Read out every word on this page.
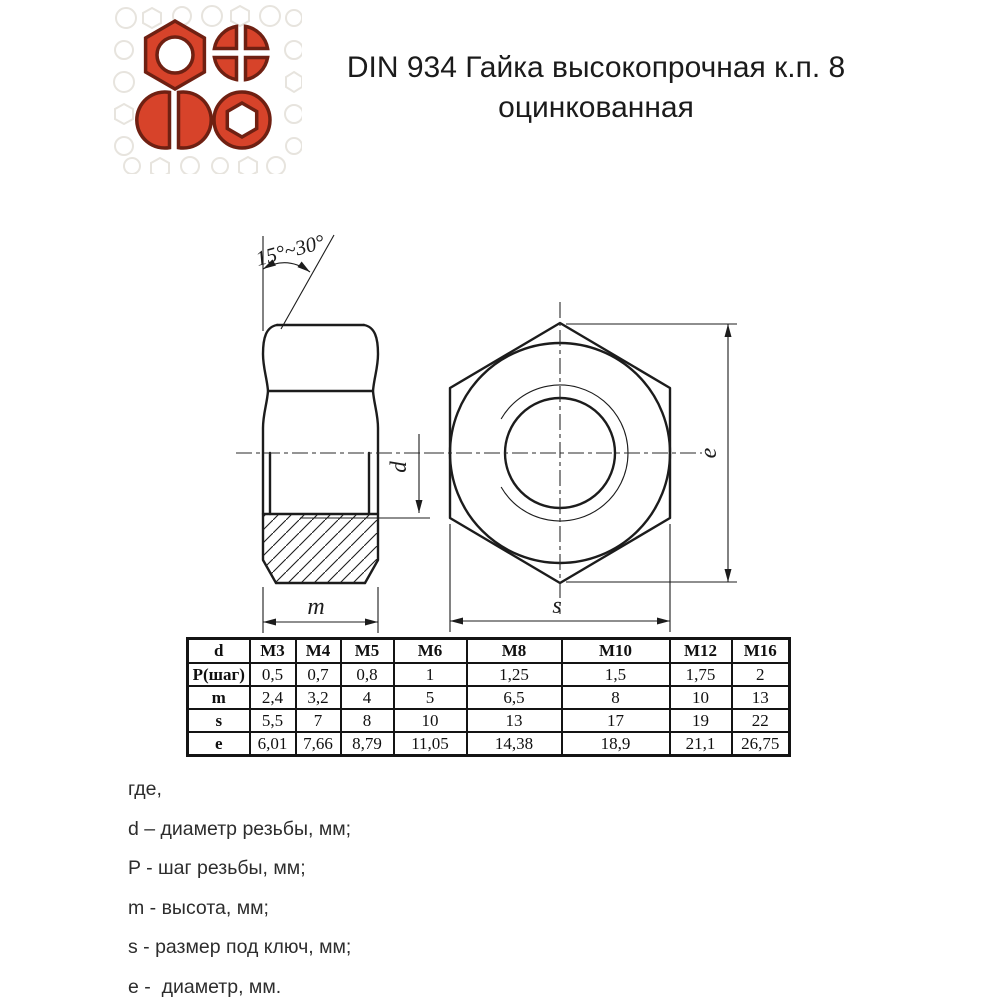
DIN 934 Гайка высокопрочная к.п. 8
оцинкованная
15°~30°
d
m	s
e
d	M3	M4	M5	M6	M8	M10	M12	M16
P(шаг)	0,5	0,7	0,8	1	1,25	1,5	1,75	2
m	2,4	3,2	4	5	6,5	8	10	13
s	5,5	7	8	10	13	17	19	22
e	6,01	7,66	8,79	11,05	14,38	18,9	21,1	26,75
где,
d – диаметр резьбы, мм;
P - шаг резьбы, мм;
m - высота, мм;
s - размер под ключ, мм;
e -  диаметр, мм.
